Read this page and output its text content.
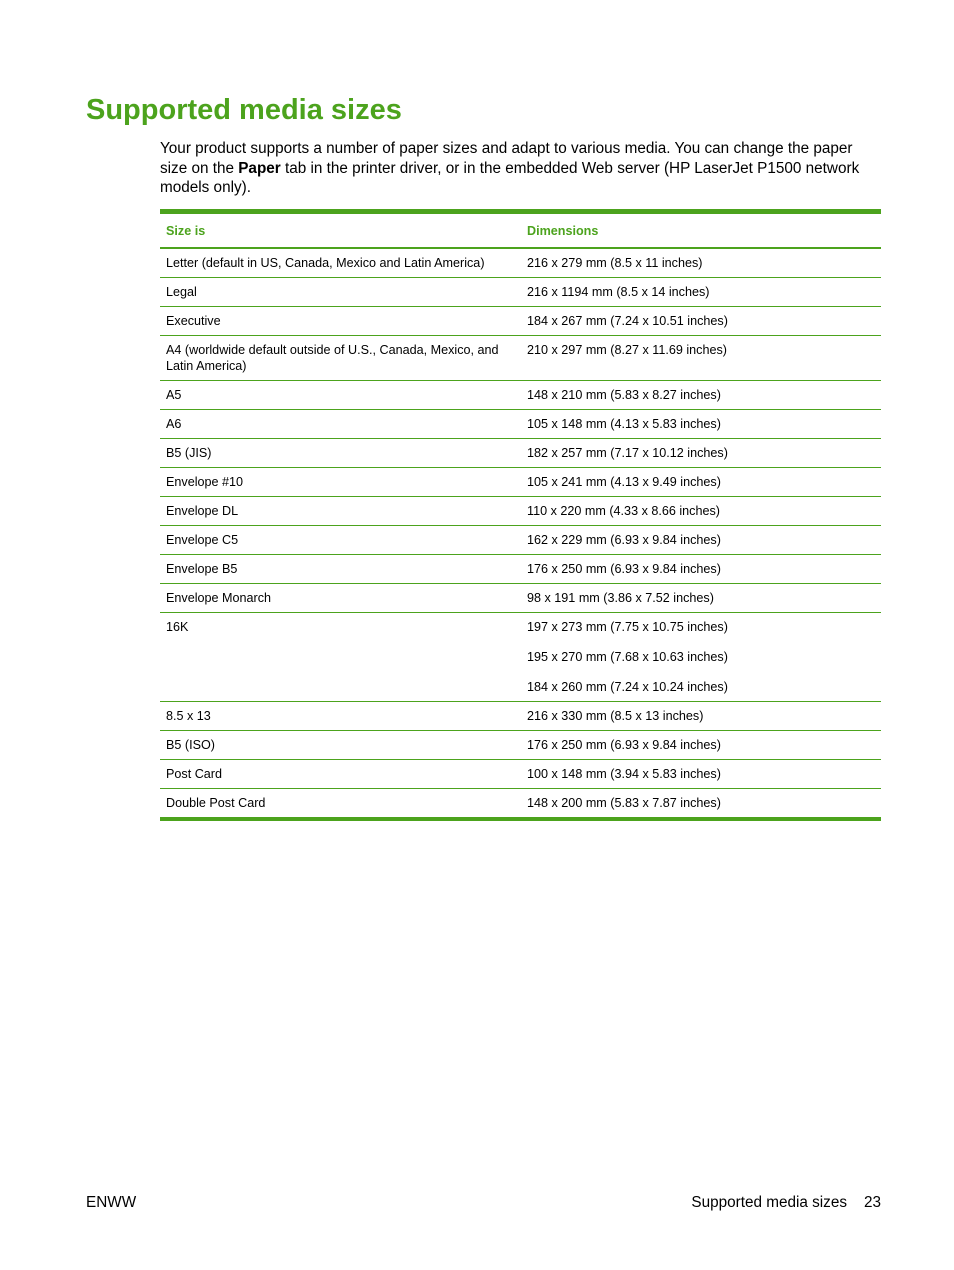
Supported media sizes

Your product supports a number of paper sizes and adapt to various media. You can change the paper size on the Paper tab in the printer driver, or in the embedded Web server (HP LaserJet P1500 network models only).

Size is	Dimensions
Letter (default in US, Canada, Mexico and Latin America)	216 x 279 mm (8.5 x 11 inches)
Legal	216 x 1194 mm (8.5 x 14 inches)
Executive	184 x 267 mm (7.24 x 10.51 inches)
A4 (worldwide default outside of U.S., Canada, Mexico, and Latin America)	210 x 297 mm (8.27 x 11.69 inches)
A5	148 x 210 mm (5.83 x 8.27 inches)
A6	105 x 148 mm (4.13 x 5.83 inches)
B5 (JIS)	182 x 257 mm (7.17 x 10.12 inches)
Envelope #10	105 x 241 mm (4.13 x 9.49 inches)
Envelope DL	110 x 220 mm (4.33 x 8.66 inches)
Envelope C5	162 x 229 mm (6.93 x 9.84 inches)
Envelope B5	176 x 250 mm (6.93 x 9.84 inches)
Envelope Monarch	98 x 191 mm (3.86 x 7.52 inches)
16K	197 x 273 mm (7.75 x 10.75 inches)
195 x 270 mm (7.68 x 10.63 inches)
184 x 260 mm (7.24 x 10.24 inches)

8.5 x 13	216 x 330 mm (8.5 x 13 inches)
B5 (ISO)	176 x 250 mm (6.93 x 9.84 inches)
Post Card	100 x 148 mm (3.94 x 5.83 inches)
Double Post Card	148 x 200 mm (5.83 x 7.87 inches)
ENWW	Supported media sizes 23
